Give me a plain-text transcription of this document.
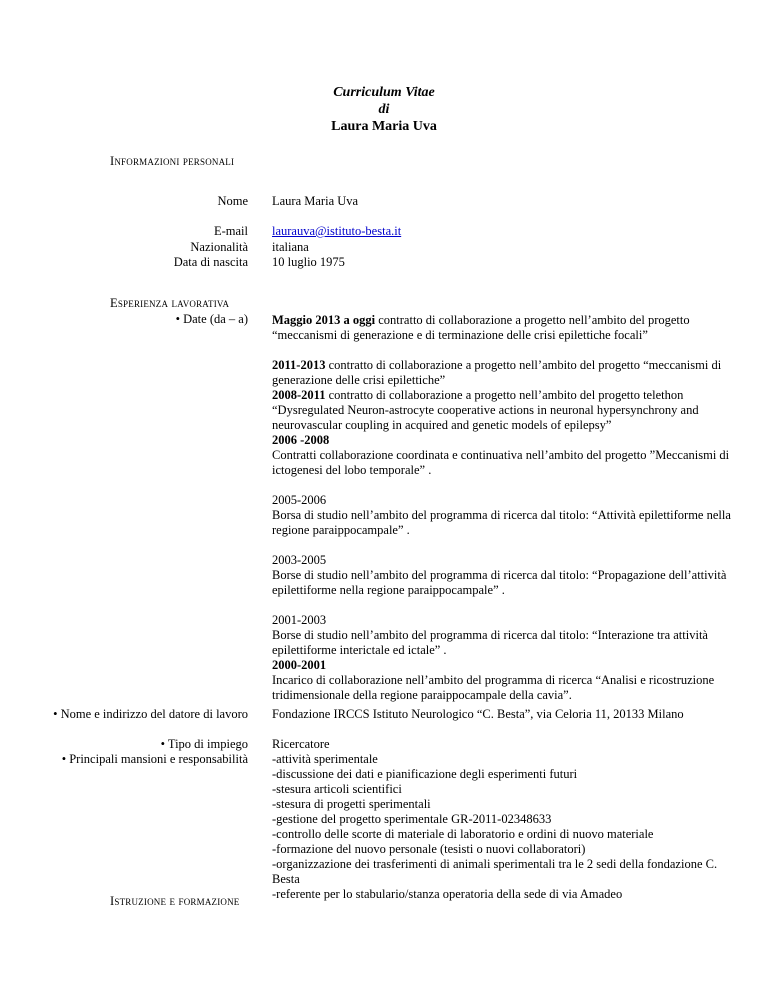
Curriculum Vitae
di
Laura Maria Uva
Informazioni personali
Nome Laura Maria Uva
E-mail laurauva@istituto-besta.it
Nazionalità italiana
Data di nascita 10 luglio 1975
Esperienza lavorativa
• Date (da – a) Maggio 2013 a oggi contratto di collaborazione a progetto nell’ambito del progetto “meccanismi di generazione e di terminazione delle crisi epilettiche focali”

2011-2013 contratto di collaborazione a progetto nell’ambito del progetto “meccanismi di generazione delle crisi epilettiche”

2008-2011 contratto di collaborazione a progetto nell’ambito del progetto telethon “Dysregulated Neuron-astrocyte cooperative actions in neuronal hypersynchrony and neurovascular coupling in acquired and genetic models of epilepsy”

2006 -2008
Contratti collaborazione coordinata e continuativa nell’ambito del progetto ”Meccanismi di ictogenesi del lobo temporale” .

2005-2006
Borsa di studio nell’ambito del programma di ricerca dal titolo: “Attività epilettiforme nella regione paraippocampale” .

2003-2005
Borse di studio nell’ambito del programma di ricerca dal titolo: “Propagazione dell’attività epilettiforme nella regione paraippocampale” .

2001-2003
Borse di studio nell’ambito del programma di ricerca dal titolo: “Interazione tra attività epilettiforme interictale ed ictale” .

2000-2001
Incarico di collaborazione nell’ambito del programma di ricerca “Analisi e ricostruzione tridimensionale della regione paraippocampale della cavia”.

• Nome e indirizzo del datore di lavoro Fondazione IRCCS Istituto Neurologico “C. Besta”, via Celoria 11, 20133 Milano
• Tipo di impiego
• Principali mansioni e responsabilità

Ricercatore

-attività sperimentale

-discussione dei dati e pianificazione degli esperimenti futuri

-stesura articoli scientifici

-stesura di progetti sperimentali

-gestione del progetto sperimentale GR-2011-02348633

-controllo delle scorte di materiale di laboratorio e ordini di nuovo materiale

-formazione del nuovo personale (tesisti o nuovi collaboratori)

-organizzazione dei trasferimenti di animali sperimentali tra le 2 sedi della fondazione C. Besta

-referente per lo stabulario/stanza operatoria della sede di via Amadeo

Istruzione e formazione
